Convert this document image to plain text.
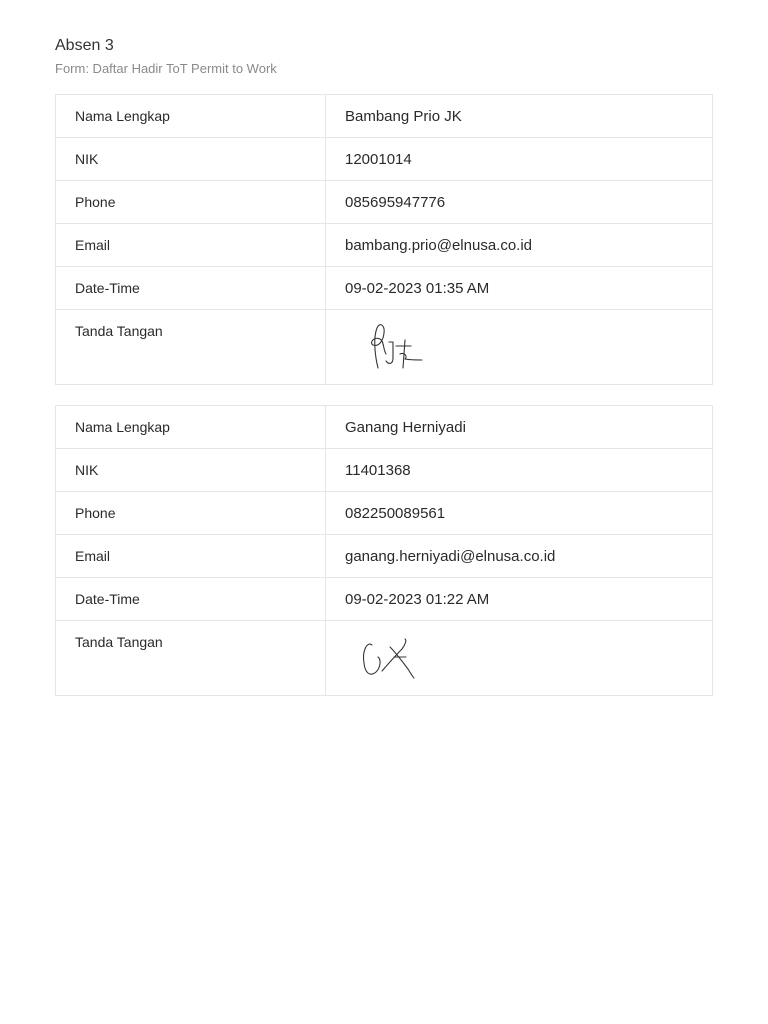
Absen 3
Form: Daftar Hadir ToT Permit to Work
Nama Lengkap	Bambang Prio JK
NIK	12001014
Phone	085695947776
Email	bambang.prio@elnusa.co.id
Date-Time	09-02-2023 01:35 AM
Tanda Tangan
Nama Lengkap	Ganang Herniyadi
NIK	11401368
Phone	082250089561
Email	ganang.herniyadi@elnusa.co.id
Date-Time	09-02-2023 01:22 AM
Tanda Tangan
